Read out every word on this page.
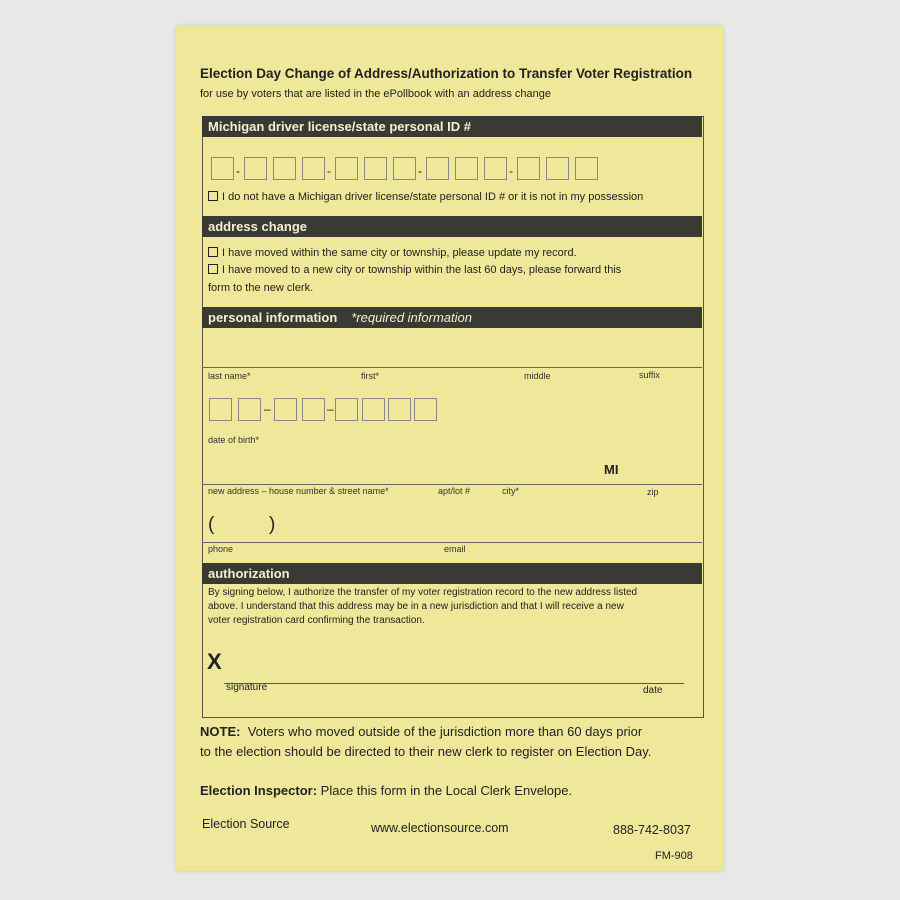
Election Day Change of Address/Authorization to Transfer Voter Registration
for use by voters that are listed in the ePollbook with an address change
Michigan driver license/state personal ID #
-	-	-	-
I do not have a Michigan driver license/state personal ID # or it is not in my possession
address change
I have moved within the same city or township, please update my record.
I have moved to a new city or township within the last 60 days, please forward this
form to the new clerk.
personal information *required information
last name*	first*	middle	suffix
–	–
date of birth*
MI
new address – house number & street name*	apt/lot #	city*	zip
(	)
phone	email
authorization
By signing below, I authorize the transfer of my voter registration record to the new address listed
above. I understand that this address may be in a new jurisdiction and that I will receive a new
voter registration card confirming the transaction.
X
signature	date
NOTE: Voters who moved outside of the jurisdiction more than 60 days prior
to the election should be directed to their new clerk to register on Election Day.
Election Inspector: Place this form in the Local Clerk Envelope.
Election Source	www.electionsource.com	888-742-8037
FM-908
